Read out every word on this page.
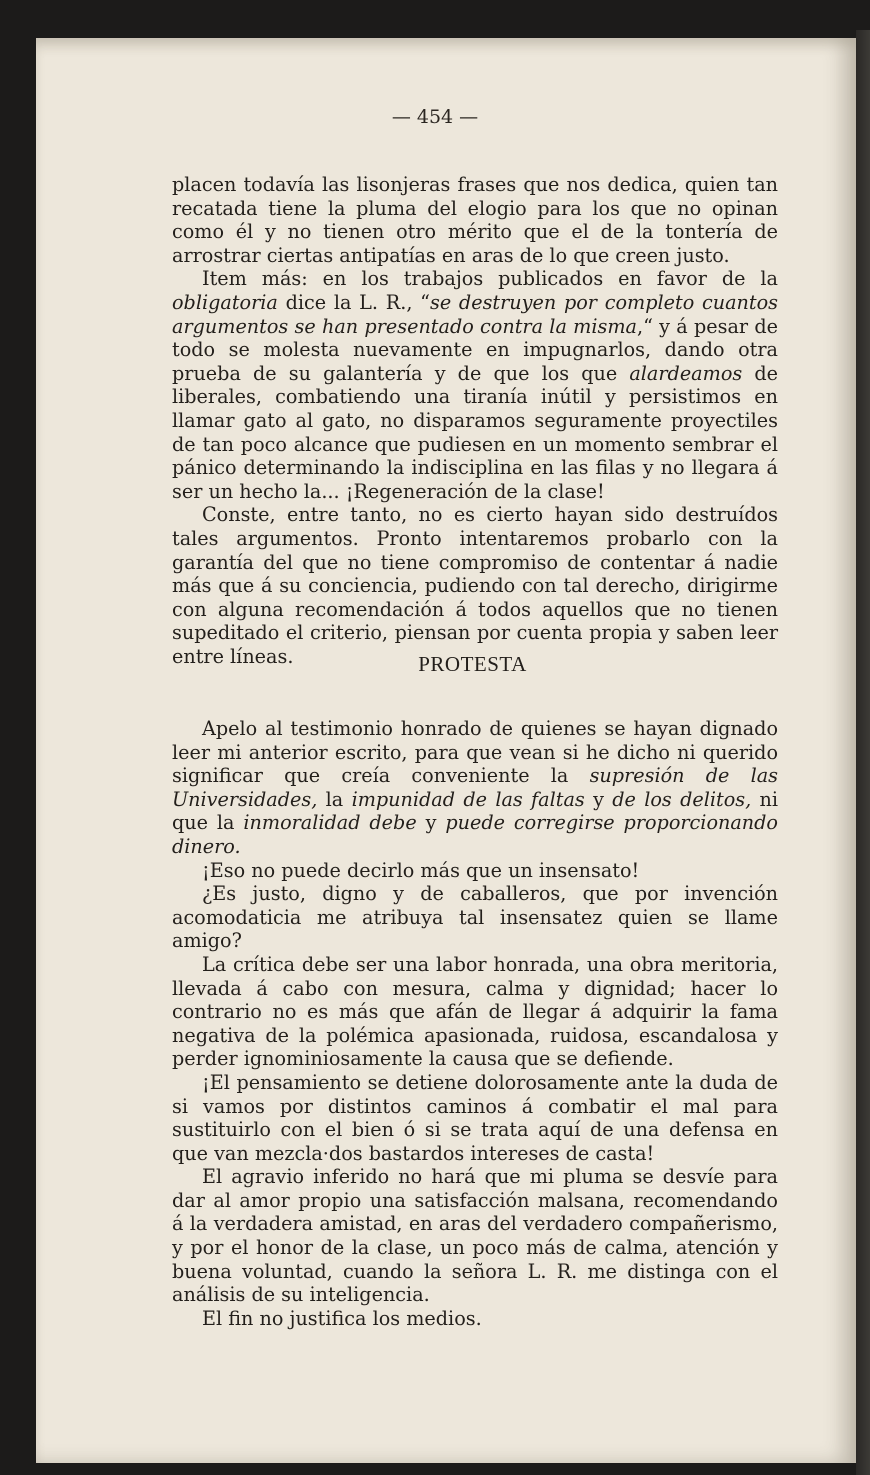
— 454 —

placen todavía las lisonjeras frases que nos dedica, quien tan recatada tiene la pluma del elogio para los que no opinan como él y no tienen otro mérito que el de la tontería de arrostrar ciertas antipatías en aras de lo que creen justo.

Item más: en los trabajos publicados en favor de la obligatoria dice la L. R., “se destruyen por completo cuantos argumentos se han presentado contra la misma,“ y á pesar de todo se molesta nuevamente en impugnarlos, dando otra prueba de su galantería y de que los que alardeamos de liberales, combatiendo una tiranía inútil y persistimos en llamar gato al gato, no disparamos seguramente proyectiles de tan poco alcance que pudiesen en un momento sembrar el pánico determinando la indisciplina en las filas y no llegara á ser un hecho la... ¡Regeneración de la clase!

Conste, entre tanto, no es cierto hayan sido destruídos tales argumentos. Pronto intentaremos probarlo con la garantía del que no tiene compromiso de contentar á nadie más que á su conciencia, pudiendo con tal derecho, dirigirme con alguna recomendación á todos aquellos que no tienen supeditado el criterio, piensan por cuenta propia y saben leer entre líneas.	PROTESTA

Apelo al testimonio honrado de quienes se hayan dignado leer mi anterior escrito, para que vean si he dicho ni querido significar que creía conveniente la supresión de las Universidades, la impunidad de las faltas y de los delitos, ni que la inmoralidad debe y puede corregirse proporcionando dinero.

¡Eso no puede decirlo más que un insensato!

¿Es justo, digno y de caballeros, que por invención acomodaticia me atribuya tal insensatez quien se llame amigo?

La crítica debe ser una labor honrada, una obra meritoria, llevada á cabo con mesura, calma y dignidad; hacer lo contrario no es más que afán de llegar á adquirir la fama negativa de la polémica apasionada, ruidosa, escandalosa y perder ignominiosamente la causa que se defiende.

¡El pensamiento se detiene dolorosamente ante la duda de si vamos por distintos caminos á combatir el mal para sustituirlo con el bien ó si se trata aquí de una defensa en que van mezcla·dos bastardos intereses de casta!

El agravio inferido no hará que mi pluma se desvíe para dar al amor propio una satisfacción malsana, recomendando á la verdadera amistad, en aras del verdadero compañerismo, y por el honor de la clase, un poco más de calma, atención y buena voluntad, cuando la señora L. R. me distinga con el análisis de su inteligencia.

El fin no justifica los medios.
